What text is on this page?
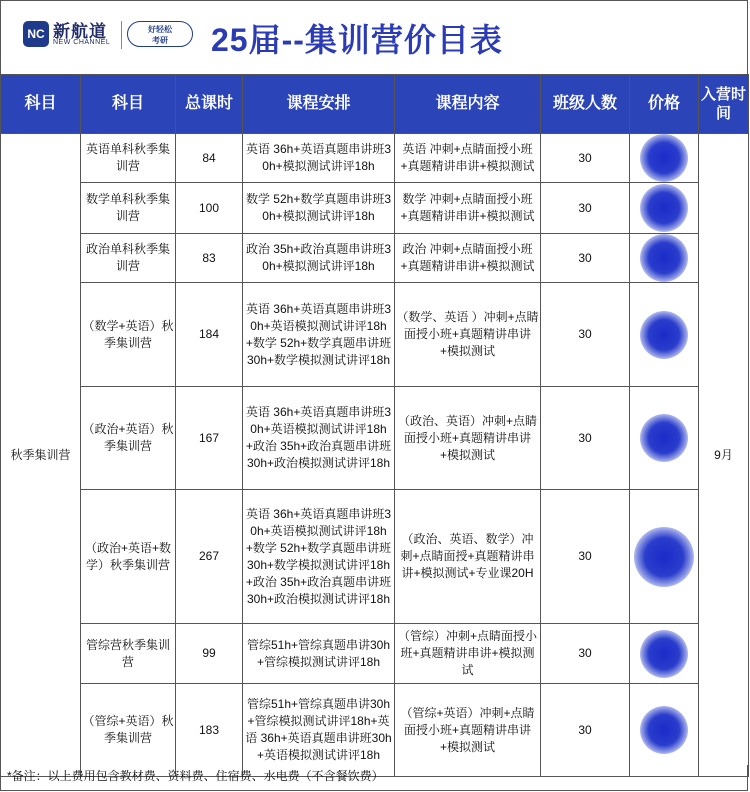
NC 新航道
NEW CHANNEL
好轻松
考研	25届--集训营价目表
科目	科目	总课时	课程安排	课程内容	班级人数	价格	入营时间
秋季集训营	英语单科秋季集训营	84	英语 36h+英语真题串讲班30h+模拟测试讲评18h	英语 冲刺+点睛面授小班+真题精讲串讲+模拟测试	30		9月
	数学单科秋季集训营	100	数学 52h+数学真题串讲班30h+模拟测试讲评18h	数学 冲刺+点睛面授小班+真题精讲串讲+模拟测试	30		

	政治单科秋季集训营	83	政治 35h+政治真题串讲班30h+模拟测试讲评18h	政治 冲刺+点睛面授小班+真题精讲串讲+模拟测试	30		

	（数学+英语）秋季集训营	184	英语 36h+英语真题串讲班30h+英语模拟测试讲评18h+数学 52h+数学真题串讲班30h+数学模拟测试讲评18h	（数学、英语 ）冲刺+点睛面授小班+真题精讲串讲+模拟测试	30		

	（政治+英语）秋季集训营	167	英语 36h+英语真题串讲班30h+英语模拟测试讲评18h+政治 35h+政治真题串讲班30h+政治模拟测试讲评18h	（政治、英语）冲刺+点睛面授小班+真题精讲串讲+模拟测试	30		

	（政治+英语+数学）秋季集训营	267	英语 36h+英语真题串讲班30h+英语模拟测试讲评18h+数学 52h+数学真题串讲班30h+数学模拟测试讲评18h+政治 35h+政治真题串讲班30h+政治模拟测试讲评18h	（政治、英语、数学）冲刺+点睛面授+真题精讲串讲+模拟测试+专业课20H	30		

	管综营秋季集训营	99	管综51h+管综真题串讲30h+管综模拟测试讲评18h	（管综）冲刺+点睛面授小班+真题精讲串讲+模拟测试	30		

	（管综+英语）秋季集训营	183	管综51h+管综真题串讲30h+管综模拟测试讲评18h+英语 36h+英语真题串讲班30h+英语模拟测试讲评18h	（管综+英语）冲刺+点睛面授小班+真题精讲串讲+模拟测试	30		
*备注：以上费用包含教材费、资料费、住宿费、水电费（不含餐饮费）
